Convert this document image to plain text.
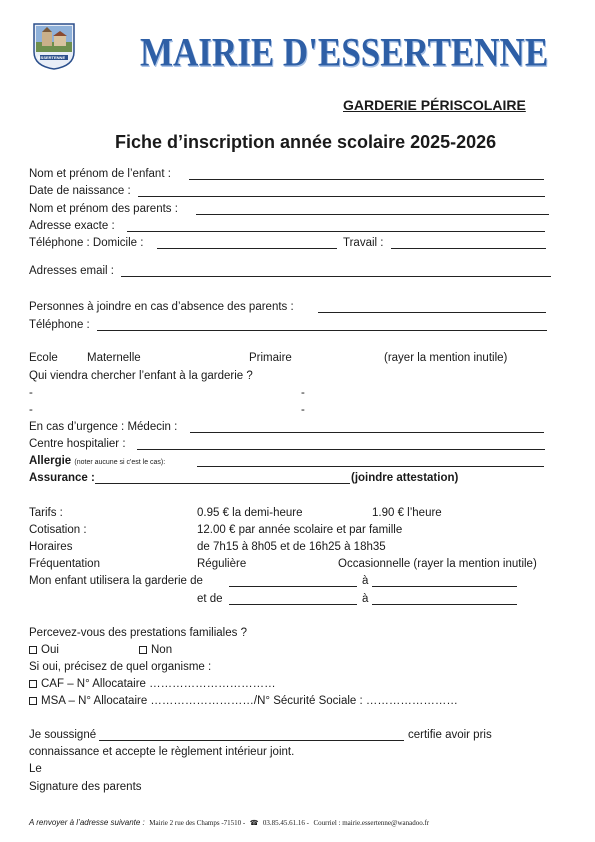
ESSERTENNE MAIRIE D'ESSERTENNE
GARDERIE PÉRISCOLAIRE
Fiche d’inscription année scolaire 2025-2026
Nom et prénom de l’enfant :
Date de naissance :
Nom et prénom des parents :
Adresse exacte :
Téléphone : Domicile :	Travail :
Adresses email :
Personnes à joindre en cas d’absence des parents :
Téléphone :
Ecole	Maternelle	Primaire	(rayer la mention inutile)
Qui viendra chercher l’enfant à la garderie ?
-	-
-	-
En cas d’urgence : Médecin :
Centre hospitalier :
Allergie (noter aucune si c'est le cas):
Assurance :	(joindre attestation)
Tarifs :	0.95 € la demi-heure	1.90 € l’heure
Cotisation :	12.00 € par année scolaire et par famille
Horaires	de 7h15 à 8h05 et de 16h25 à 18h35
Fréquentation	Régulière	Occasionnelle (rayer la mention inutile)
Mon enfant utilisera la garderie de	à
et de	à
Percevez-vous des prestations familiales ?
Oui	Non
Si oui, précisez de quel organisme :
CAF – N° Allocataire ……………………………
MSA – N° Allocataire ………………………/N° Sécurité Sociale : ……………………
Je soussigné	certifie avoir pris
connaissance et accepte le règlement intérieur joint.
Le
Signature des parents
A renvoyer à l’adresse suivante : Mairie 2 rue des Champs -71510 - ☎ 03.85.45.61.16 - Courriel : mairie.essertenne@wanadoo.fr
